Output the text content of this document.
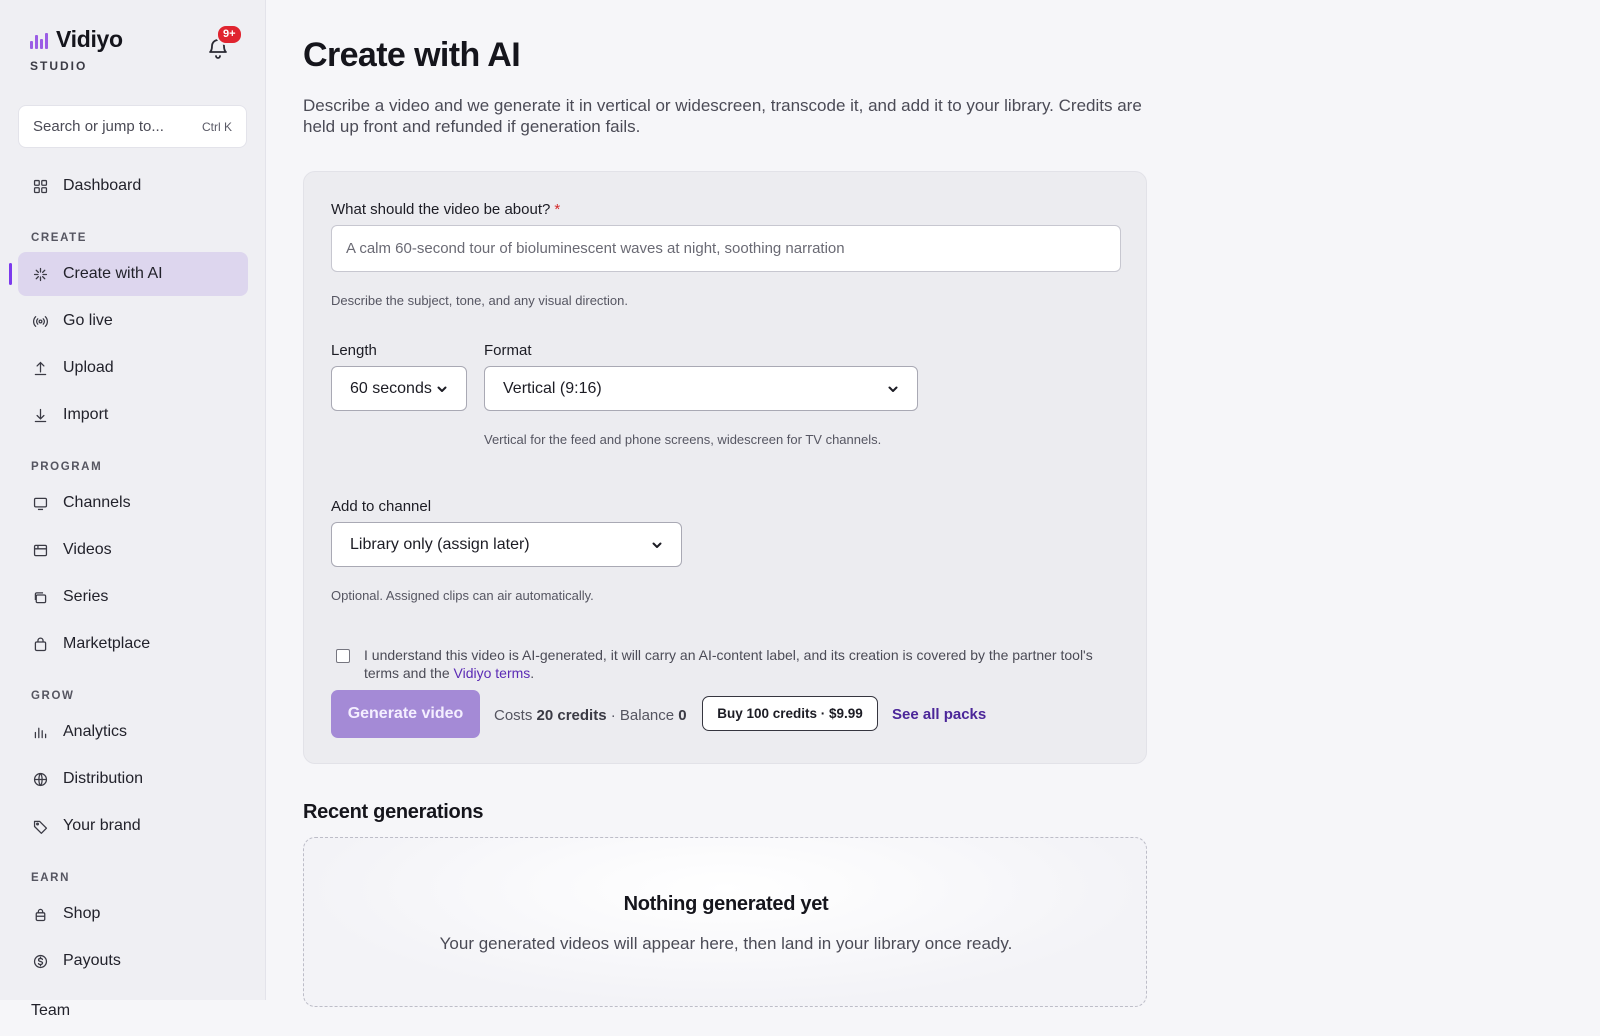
Vidiyo
STUDIO
9+
Search or jump to...	Ctrl K
Dashboard
CREATE
Create with AI
Go live
Upload
Import
PROGRAM
Channels
Videos
Series
Marketplace
GROW
Analytics
Distribution
Your brand
EARN
Shop
Payouts
Team
Create with AI

Describe a video and we generate it in vertical or widescreen, transcode it, and add it to your library. Credits are held up front and refunded if generation fails.

What should the video be about? *
A calm 60-second tour of bioluminescent waves at night, soothing narration
Describe the subject, tone, and any visual direction.
Length
60 seconds
Format
Vertical (9:16)
Vertical for the feed and phone screens, widescreen for TV channels.
Add to channel
Library only (assign later)
Optional. Assigned clips can air automatically.
I understand this video is AI-generated, it will carry an AI-content label, and its creation is covered by the partner tool's terms and the Vidiyo terms.
Generate video	Costs 20 credits · Balance 0	Buy 100 credits · $9.99	See all packs
Recent generations
Nothing generated yet
Your generated videos will appear here, then land in your library once ready.
